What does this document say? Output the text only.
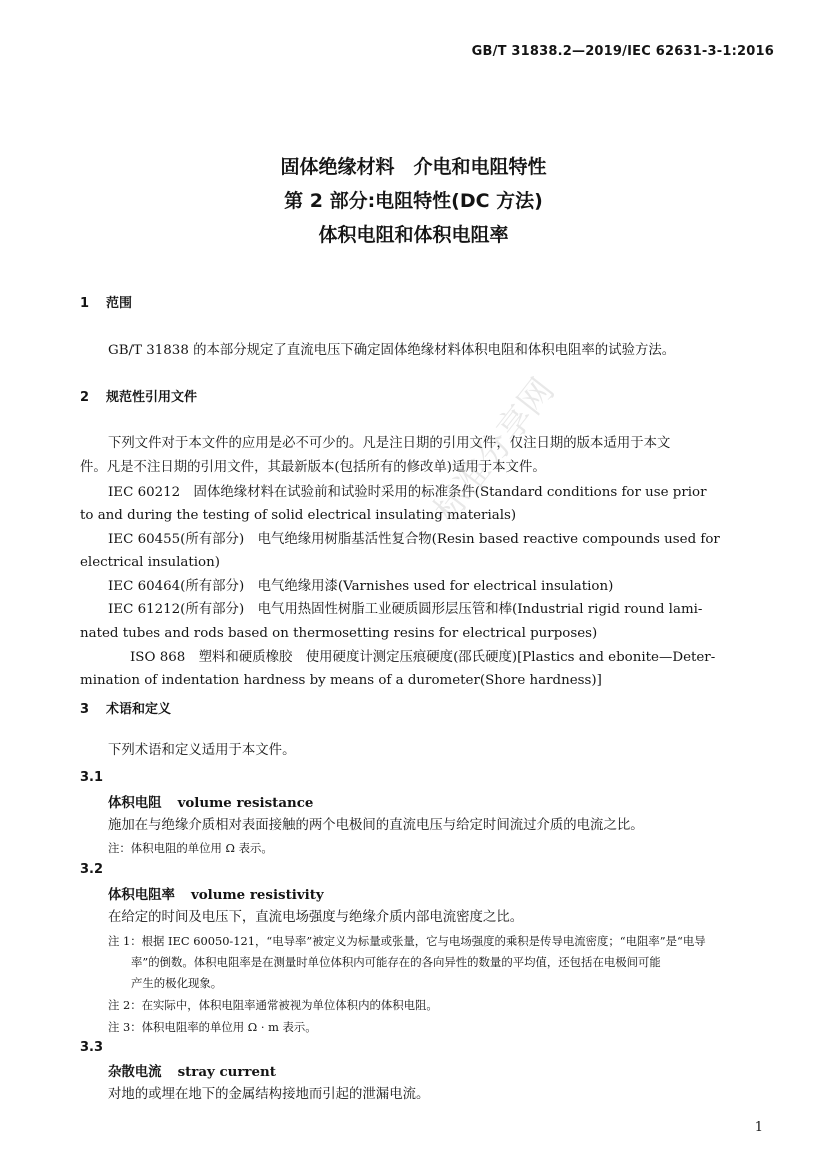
GB/T 31838.2—2019/IEC 62631-3-1:2016
固体绝缘材料　介电和电阻特性
第 2 部分:电阻特性(DC 方法)
体积电阻和体积电阻率
1 范围
GB/T 31838 的本部分规定了直流电压下确定固体绝缘材料体积电阻和体积电阻率的试验方法。
2 规范性引用文件
下列文件对于本文件的应用是必不可少的。凡是注日期的引用文件，仅注日期的版本适用于本文
件。凡是不注日期的引用文件，其最新版本(包括所有的修改单)适用于本文件。
IEC 60212　固体绝缘材料在试验前和试验时采用的标准条件(Standard conditions for use prior
to and during the testing of solid electrical insulating materials)
IEC 60455(所有部分)　电气绝缘用树脂基活性复合物(Resin based reactive compounds used for
electrical insulation)
IEC 60464(所有部分)　电气绝缘用漆(Varnishes used for electrical insulation)
IEC 61212(所有部分)　电气用热固性树脂工业硬质圆形层压管和棒(Industrial rigid round lami-
nated tubes and rods based on thermosetting resins for electrical purposes)
ISO 868　塑料和硬质橡胶　使用硬度计测定压痕硬度(邵氏硬度)[Plastics and ebonite—Deter-
mination of indentation hardness by means of a durometer(Shore hardness)]
3 术语和定义
下列术语和定义适用于本文件。
3.1
体积电阻 volume resistance
施加在与绝缘介质相对表面接触的两个电极间的直流电压与给定时间流过介质的电流之比。
注：体积电阻的单位用 Ω 表示。
3.2
体积电阻率 volume resistivity
在给定的时间及电压下，直流电场强度与绝缘介质内部电流密度之比。
注 1：根据 IEC 60050-121，“电导率”被定义为标量或张量，它与电场强度的乘积是传导电流密度；“电阻率”是“电导
率”的倒数。体积电阻率是在测量时单位体积内可能存在的各向异性的数量的平均值，还包括在电极间可能
产生的极化现象。
注 2：在实际中，体积电阻率通常被视为单位体积内的体积电阻。
注 3：体积电阻率的单位用 Ω · m 表示。
3.3
杂散电流 stray current
对地的或埋在地下的金属结构接地而引起的泄漏电流。
标准分享网
1
